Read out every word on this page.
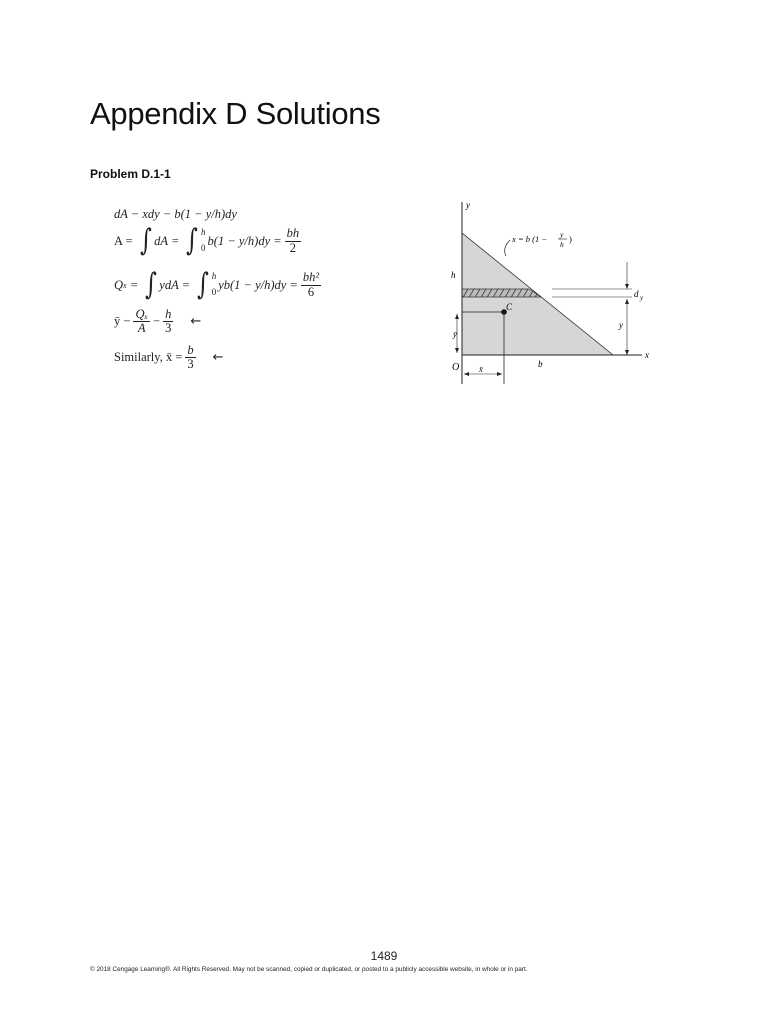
Appendix D Solutions
Problem D.1-1
dA − xdy − b(1 − y/h)dy
A = ∫ dA = ∫ h
0
$b(1 - y/h)dy = \frac{bh}{2}$
Q x = ∫ ydA = ∫ h
0
$yb(1 - y/h)dy = \frac{\text{bh²}}{6}$
ȳ − $\frac{\text{Qₓ}}{A} - \frac{h}{3}$ ←
Similarly, x̄ = $\frac{b}{3}$ ←
y
x
O
x = b (1 − y
h
)
h
C
ȳ
x̄	b
d y
y
1489
© 2018 Cengage Learning®. All Rights Reserved. May not be scanned, copied or duplicated, or posted to a publicly accessible website, in whole or in part.
